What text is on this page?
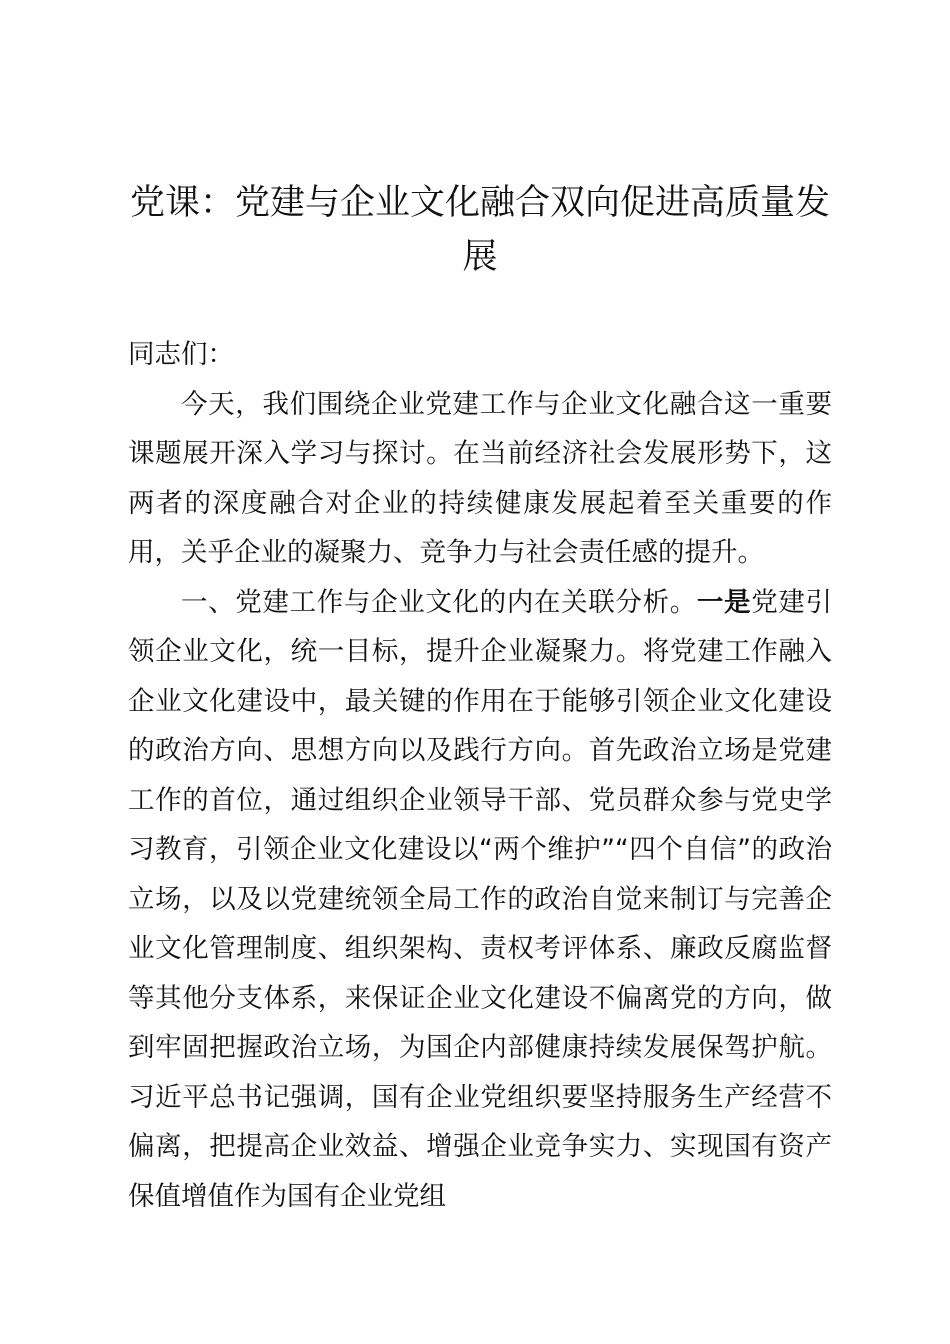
党课：党建与企业文化融合双向促进高质量发展

同志们：

今天，我们围绕企业党建工作与企业文化融合这一重要课题展开深入学习与探讨。在当前经济社会发展形势下，这两者的深度融合对企业的持续健康发展起着至关重要的作用，关乎企业的凝聚力、竞争力与社会责任感的提升。

一、党建工作与企业文化的内在关联分析。一是党建引领企业文化，统一目标，提升企业凝聚力。将党建工作融入企业文化建设中，最关键的作用在于能够引领企业文化建设的政治方向、思想方向以及践行方向。首先政治立场是党建工作的首位，通过组织企业领导干部、党员群众参与党史学习教育，引领企业文化建设以“两个维护”“四个自信”的政治立场，以及以党建统领全局工作的政治自觉来制订与完善企业文化管理制度、组织架构、责权考评体系、廉政反腐监督等其他分支体系，来保证企业文化建设不偏离党的方向，做到牢固把握政治立场，为国企内部健康持续发展保驾护航。习近平总书记强调，国有企业党组织要坚持服务生产经营不偏离，把提高企业效益、增强企业竞争实力、实现国有资产保值增值作为国有企业党组
